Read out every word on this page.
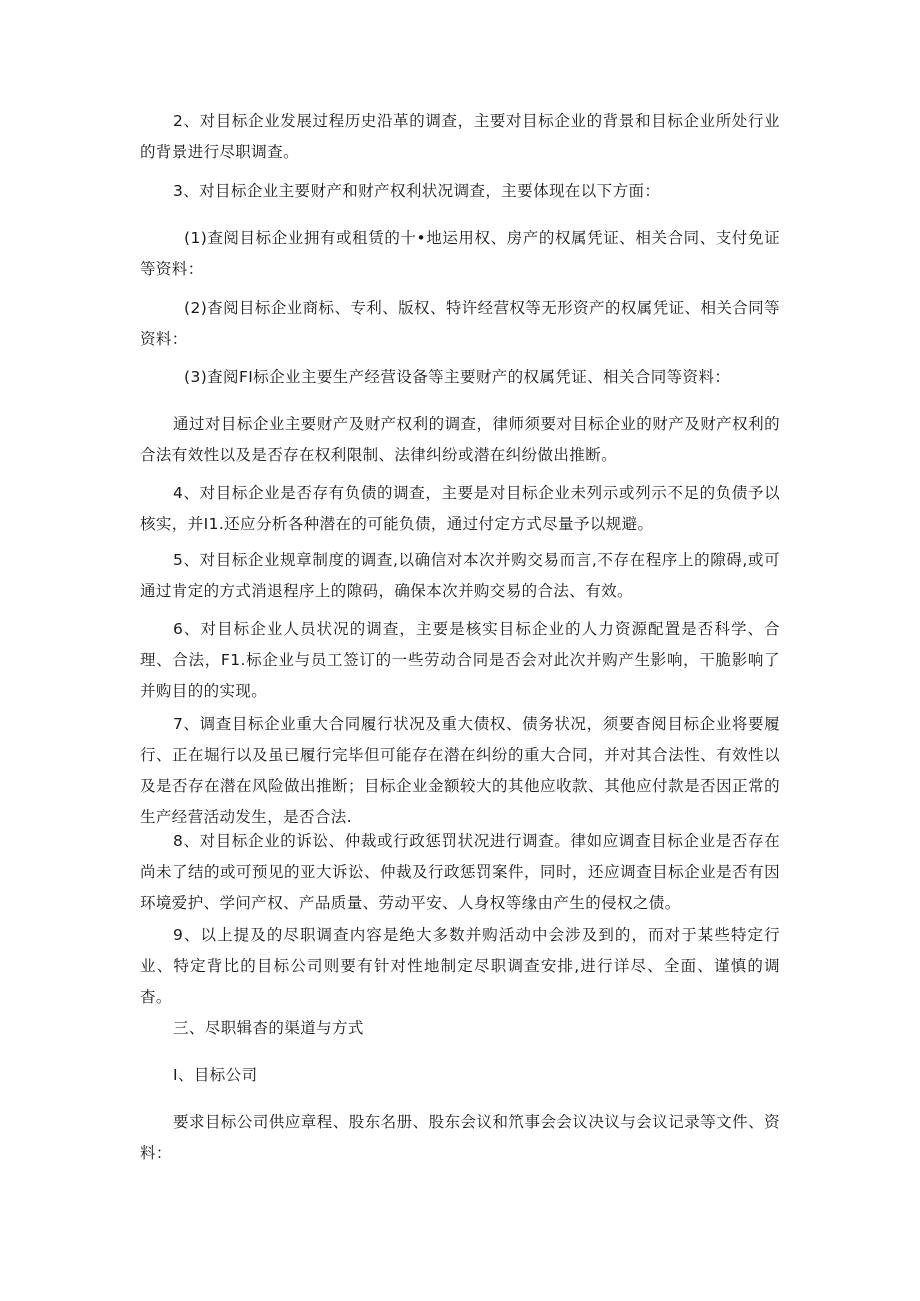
2、对目标企业发展过程历史沿革的调查，主要对目标企业的背景和目标企业所处行业的背景进行尽职调查。

3、对目标企业主要财产和财产权利状况调查，主要体现在以下方面：

(1)查阅目标企业拥有或租赁的十•地运用权、房产的权属凭证、相关合同、支付免证等资料：

(2)杳阅目标企业商标、专利、版权、特许经营权等无形资产的权属凭证、相关合同等资料：

(3)査阅FI标企业主要生产经营设备等主要财产的权属凭证、相关合同等资料：

通过对目标企业主要财产及财产权利的调查，律师须要对目标企业的财产及财产权利的合法有效性以及是否存在权利限制、法律纠纷或潜在纠纷做出推断。

4、对目标企业是否存有负债的调查，主要是对目标企业未列示或列示不足的负债予以核实，并I1.还应分析各种潜在的可能负债，通过付定方式尽量予以规避。

5、对目标企业规章制度的调查,以确信对本次并购交易而言,不存在程序上的隙碍,或可通过肯定的方式消退程序上的隙码，确保本次并购交易的合法、有效。

6、对目标企业人员状况的调查，主要是核实目标企业的人力资源配置是否科学、合理、合法，F1.标企业与员工签订的一些劳动合同是否会对此次并购产生影响，干脆影响了并购目的的实现。

7、调查目标企业重大合同履行状况及重大债权、债务状况，须要杳阅目标企业将要履行、正在堀行以及虽已履行完毕但可能存在潜在纠纷的重大合同，并对其合法性、有效性以及是否存在潜在风险做出推断；目标企业金额较大的其他应收款、其他应付款是否因正常的生产经营活动发生，是否合法.

8、对目标企业的诉讼、仲裁或行政惩罚状况进行调查。律如应调查目标企业是否存在尚未了结的或可预见的亚大诉讼、仲裁及行政惩罚案件，同时，还应调查目标企业是否有因环境爱护、学问产权、产品质量、劳动平安、人身权等缘由产生的侵权之债。

9、以上提及的尽职调查内容是绝大多数并购活动中会涉及到的，而对于某些特定行业、特定背比的目标公司则要有针对性地制定尽职调查安排,进行详尽、全面、谨慎的调杳。

三、尽职辑杳的渠道与方式

I、目标公司

要求目标公司供应章程、股东名册、股东会议和笊事会会议决议与会议记录等文件、资料：
